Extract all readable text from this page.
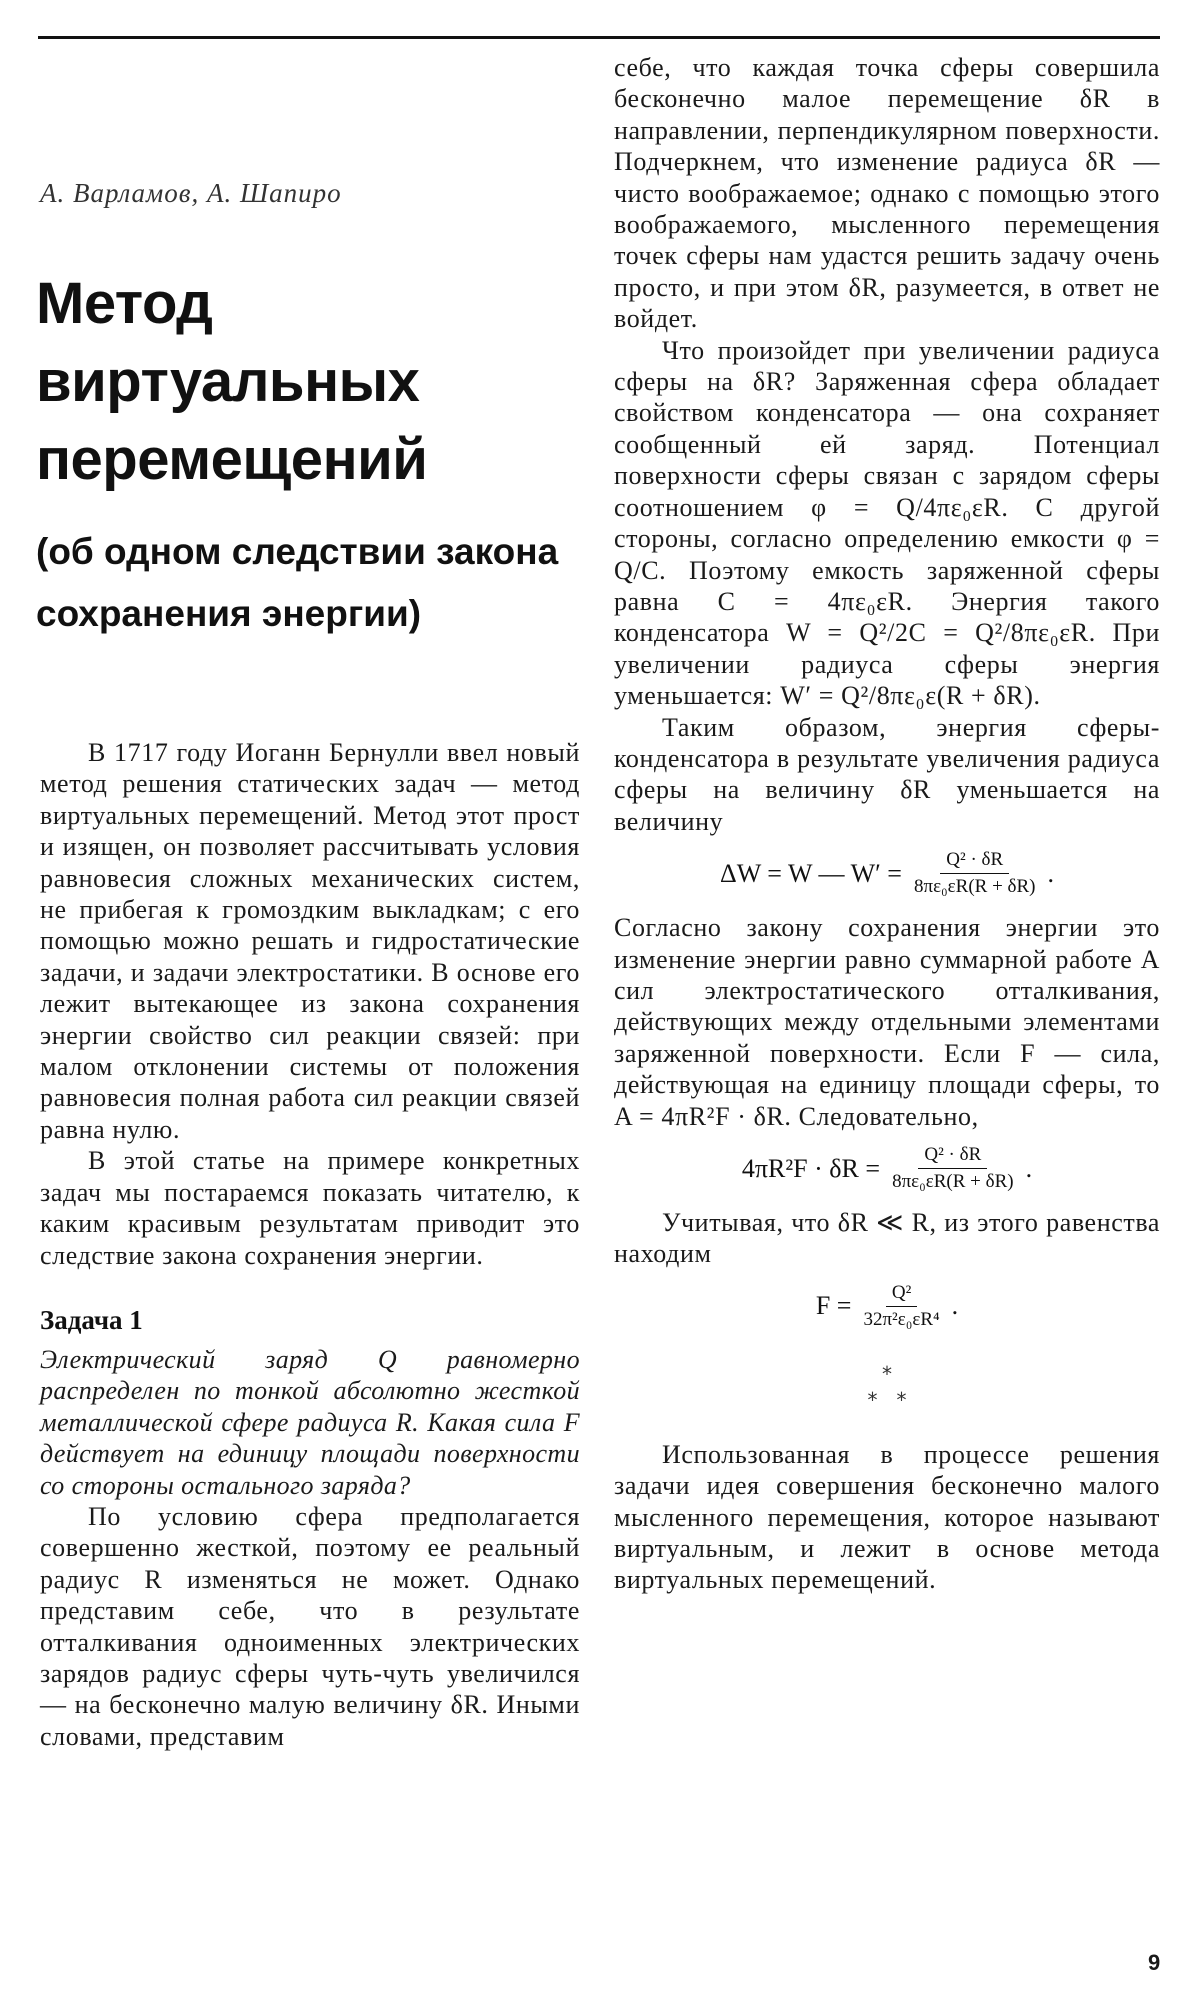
А. Варламов, А. Шапиро
Метод виртуальных перемещений
(об одном следствии закона сохранения энергии)

В 1717 году Иоганн Бернулли ввел новый метод решения статических задач — метод виртуальных перемещений. Метод этот прост и изящен, он позволяет рассчитывать условия равновесия сложных механических систем, не прибегая к громоздким выкладкам; с его помощью можно решать и гидростатические задачи, и задачи электростатики. В основе его лежит вытекающее из закона сохранения энергии свойство сил реакции связей: при малом отклонении системы от положения равновесия полная работа сил реакции связей равна нулю.

В этой статье на примере конкретных задач мы постараемся показать читателю, к каким красивым результатам приводит это следствие закона сохранения энергии.

Задача 1

Электрический заряд Q равномерно распределен по тонкой абсолютно жесткой металлической сфере радиуса R. Какая сила F действует на единицу площади поверхности со стороны остального заряда?

По условию сфера предполагается совершенно жесткой, поэтому ее реальный радиус R изменяться не может. Однако представим себе, что в результате отталкивания одноименных электрических зарядов радиус сферы чуть-чуть увеличился — на бесконечно малую величину δR. Иными словами, представим

себе, что каждая точка сферы совершила бесконечно малое перемещение δR в направлении, перпендикулярном поверхности. Подчеркнем, что изменение радиуса δR — чисто воображаемое; однако с помощью этого воображаемого, мысленного перемещения точек сферы нам удастся решить задачу очень просто, и при этом δR, разумеется, в ответ не войдет.

Что произойдет при увеличении радиуса сферы на δR? Заряженная сфера обладает свойством конденсатора — она сохраняет сообщенный ей заряд. Потенциал поверхности сферы связан с зарядом сферы соотношением φ = Q/4πε₀εR. С другой стороны, согласно определению емкости φ = Q/C. Поэтому емкость заряженной сферы равна C = 4πε₀εR. Энергия такого конденсатора W = Q²/2C = Q²/8πε₀εR. При увеличении радиуса сферы энергия уменьшается: W′ = Q²/8πε₀ε(R + δR).

Таким образом, энергия сферы-конденсатора в результате увеличения радиуса сферы на величину δR уменьшается на величину

ΔW = W — $W' = \frac{\text{Q² · δR}}{\text{8πε₀εR(R + δR)}}$ .

Согласно закону сохранения энергии это изменение энергии равно суммарной работе A сил электростатического отталкивания, действующих между отдельными элементами заряженной поверхности. Если F — сила, действующая на единицу площади сферы, то A = 4πR²F · δR. Следовательно,

$4\pi R^2F \cdot \delta R = \frac{\text{Q² · δR}}{\text{8πε₀εR(R + δR)}}$ .

Учитывая, что δR ≪ R, из этого равенства находим

$F = \frac{\text{Q²}}{\text{32π²ε₀εR⁴}}$ .
*
*   *

Использованная в процессе решения задачи идея совершения бесконечно малого мысленного перемещения, которое называют виртуальным, и лежит в основе метода виртуальных перемещений.

9
